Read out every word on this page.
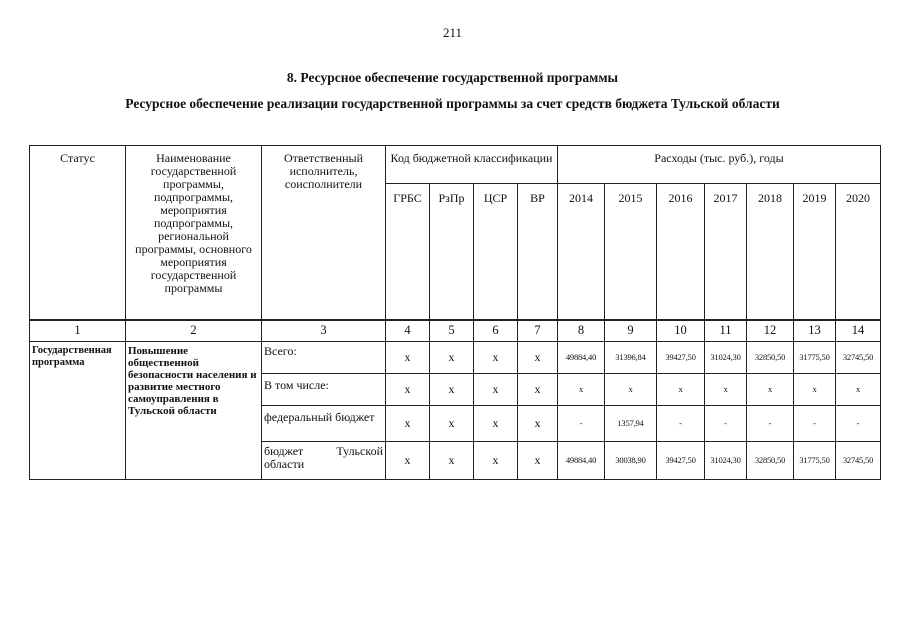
211
8. Ресурсное обеспечение государственной программы
Ресурсное обеспечение реализации государственной программы за счет средств бюджета Тульской области
Статус	Наименование государственной программы, подпрограммы, мероприятия подпрограммы, региональной программы, основного мероприятия государственной программы	Ответственный исполнитель, соисполнители	Код бюджетной классификации				Расходы (тыс. руб.), годы						
			ГРБС	РзПр	ЦСР	ВР	2014	2015	2016	2017	2018	2019	2020
1	2	3	4	5	6	7	8	9	10	11	12	13	14
Государственная программа	Повышение общественной безопасности населения и развитие местного самоуправления в Тульской области	Всего:	x	x	x	x	49884,40	31396,84	39427,50	31024,30	32850,50	31775,50	32745,50
		В том числе:	x	x	x	x	x	x	x	x	x	x	x
		федеральный бюджет	x	x	x	x	-	1357,94	-	-	-	-	-
		бюджет Тульской области	x	x	x	x	49884,40	30038,90	39427,50	31024,30	32850,50	31775,50	32745,50
